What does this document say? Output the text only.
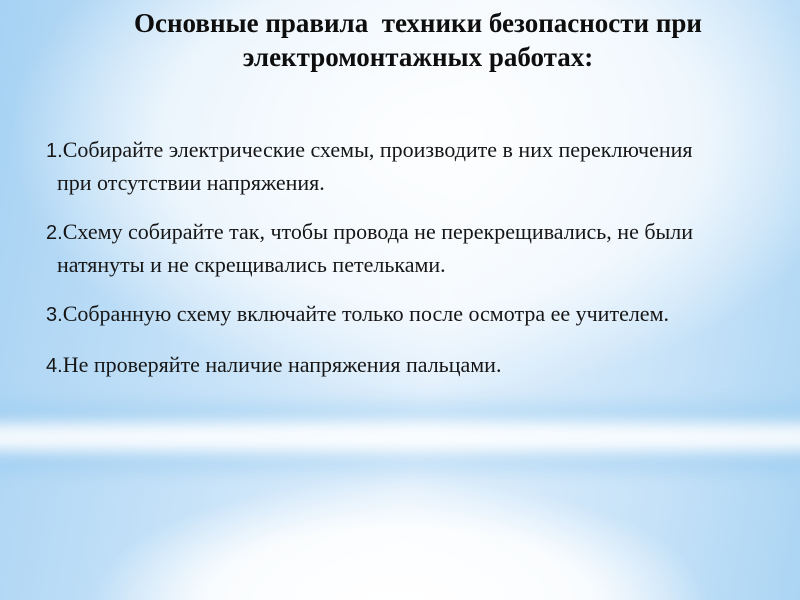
Основные правила  техники безопасности при
электромонтажных работах:

1.Собирайте электрические схемы, производите в них переключения
при отсутствии напряжения.

2.Схему собирайте так, чтобы провода не перекрещивались, не были
натянуты и не скрещивались петельками.

3.Собранную схему включайте только после осмотра ее учителем.

4.Не проверяйте наличие напряжения пальцами.
